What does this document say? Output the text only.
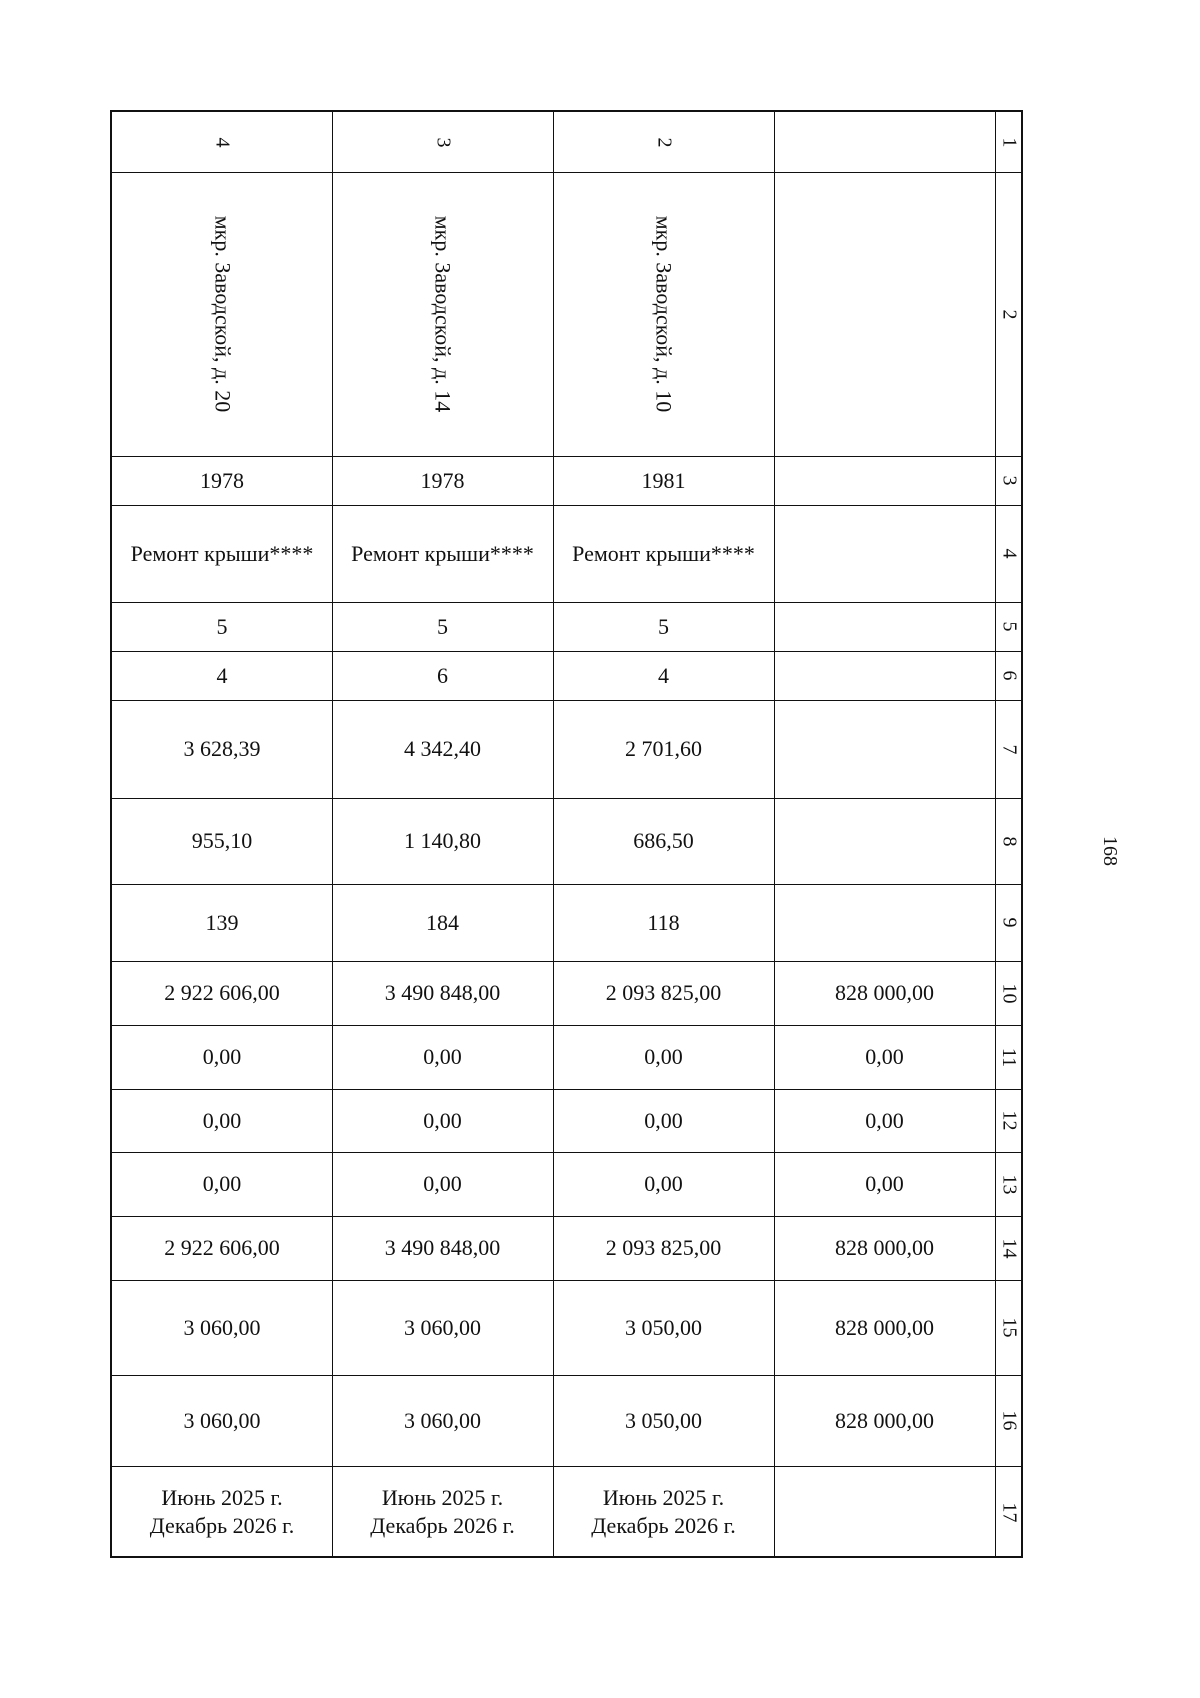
168
4
мкр. Заводской, д. 20
1978
Ремонт крыши****
5
4
3 628,39
955,10
139
2 922 606,00
0,00
0,00
0,00
2 922 606,00
3 060,00
3 060,00
Июнь 2025 г.
Декабрь 2026 г.
3
мкр. Заводской, д. 14
1978
Ремонт крыши****
5
6
4 342,40
1 140,80
184
3 490 848,00
0,00
0,00
0,00
3 490 848,00
3 060,00
3 060,00
Июнь 2025 г.
Декабрь 2026 г.
2
мкр. Заводской, д. 10
1981
Ремонт крыши****
5
4
2 701,60
686,50
118
2 093 825,00
0,00
0,00
0,00
2 093 825,00
3 050,00
3 050,00
Июнь 2025 г.
Декабрь 2026 г.
828 000,00
0,00
0,00
0,00
828 000,00
828 000,00
828 000,00
1
2
3
4
5
6
7
8
9
10
11
12
13
14
15
16
17
